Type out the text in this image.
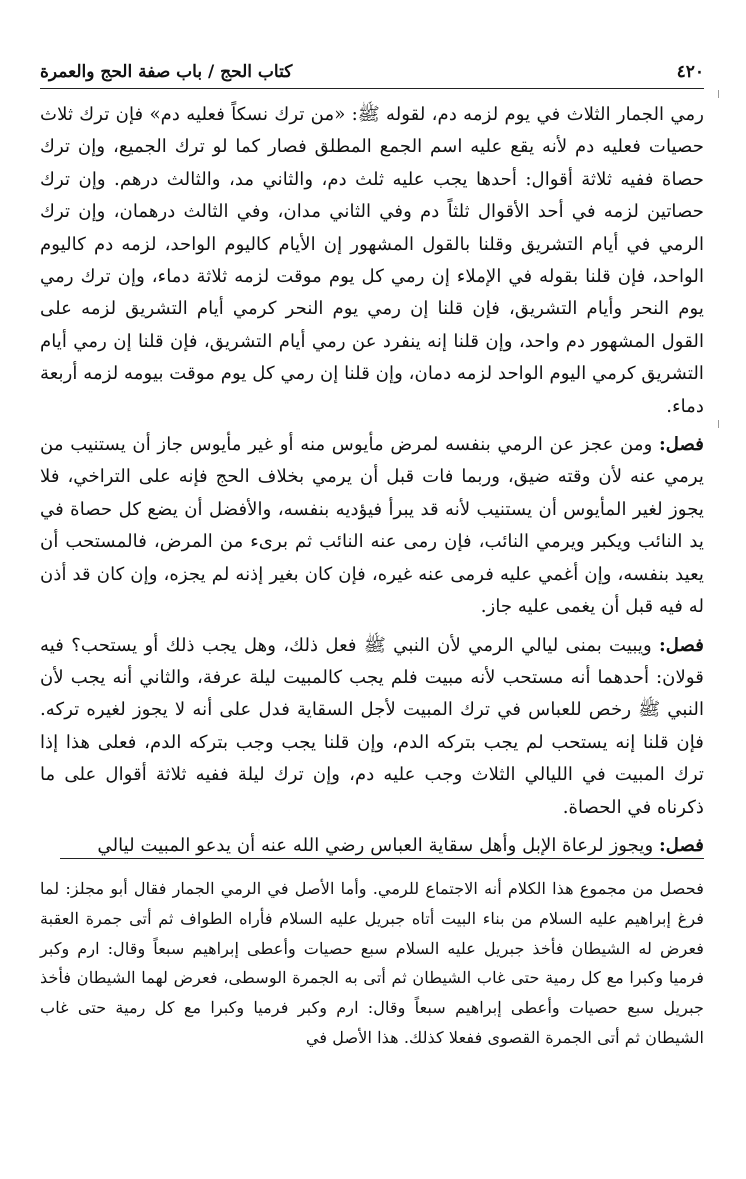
٤٢٠
كتاب الحج / باب صفة الحج والعمرة

رمي الجمار الثلاث في يوم لزمه دم، لقوله ﷺ: «من ترك نسكاً فعليه دم» فإن ترك ثلاث حصيات فعليه دم لأنه يقع عليه اسم الجمع المطلق فصار كما لو ترك الجميع، وإن ترك حصاة ففيه ثلاثة أقوال: أحدها يجب عليه ثلث دم، والثاني مد، والثالث درهم. وإن ترك حصاتين لزمه في أحد الأقوال ثلثاً دم وفي الثاني مدان، وفي الثالث درهمان، وإن ترك الرمي في أيام التشريق وقلنا بالقول المشهور إن الأيام كاليوم الواحد، لزمه دم كاليوم الواحد، فإن قلنا بقوله في الإملاء إن رمي كل يوم موقت لزمه ثلاثة دماء، وإن ترك رمي يوم النحر وأيام التشريق، فإن قلنا إن رمي يوم النحر كرمي أيام التشريق لزمه على القول المشهور دم واحد، وإن قلنا إنه ينفرد عن رمي أيام التشريق، فإن قلنا إن رمي أيام التشريق كرمي اليوم الواحد لزمه دمان، وإن قلنا إن رمي كل يوم موقت بيومه لزمه أربعة دماء.

فصل: ومن عجز عن الرمي بنفسه لمرض مأيوس منه أو غير مأيوس جاز أن يستنيب من يرمي عنه لأن وقته ضيق، وربما فات قبل أن يرمي بخلاف الحج فإنه على التراخي، فلا يجوز لغير المأيوس أن يستنيب لأنه قد يبرأ فيؤديه بنفسه، والأفضل أن يضع كل حصاة في يد النائب ويكبر ويرمي النائب، فإن رمى عنه النائب ثم برىء من المرض، فالمستحب أن يعيد بنفسه، وإن أغمي عليه فرمى عنه غيره، فإن كان بغير إذنه لم يجزه، وإن كان قد أذن له فيه قبل أن يغمى عليه جاز.

فصل: ويبيت بمنى ليالي الرمي لأن النبي ﷺ فعل ذلك، وهل يجب ذلك أو يستحب؟ فيه قولان: أحدهما أنه مستحب لأنه مبيت فلم يجب كالمبيت ليلة عرفة، والثاني أنه يجب لأن النبي ﷺ رخص للعباس في ترك المبيت لأجل السقاية فدل على أنه لا يجوز لغيره تركه. فإن قلنا إنه يستحب لم يجب بتركه الدم، وإن قلنا يجب وجب بتركه الدم، فعلى هذا إذا ترك المبيت في الليالي الثلاث وجب عليه دم، وإن ترك ليلة ففيه ثلاثة أقوال على ما ذكرناه في الحصاة.

فصل: ويجوز لرعاة الإبل وأهل سقاية العباس رضي الله عنه أن يدعو المبيت ليالي

فحصل من مجموع هذا الكلام أنه الاجتماع للرمي. وأما الأصل في الرمي الجمار فقال أبو مجلز: لما فرغ إبراهيم عليه السلام من بناء البيت أتاه جبريل عليه السلام فأراه الطواف ثم أتى جمرة العقبة فعرض له الشيطان فأخذ جبريل عليه السلام سبع حصيات وأعطى إبراهيم سبعاً وقال: ارم وكبر فرميا وكبرا مع كل رمية حتى غاب الشيطان ثم أتى به الجمرة الوسطى، فعرض لهما الشيطان فأخذ جبريل سبع حصيات وأعطى إبراهيم سبعاً وقال: ارم وكبر فرميا وكبرا مع كل رمية حتى غاب الشيطان ثم أتى الجمرة القصوى ففعلا كذلك. هذا الأصل في
